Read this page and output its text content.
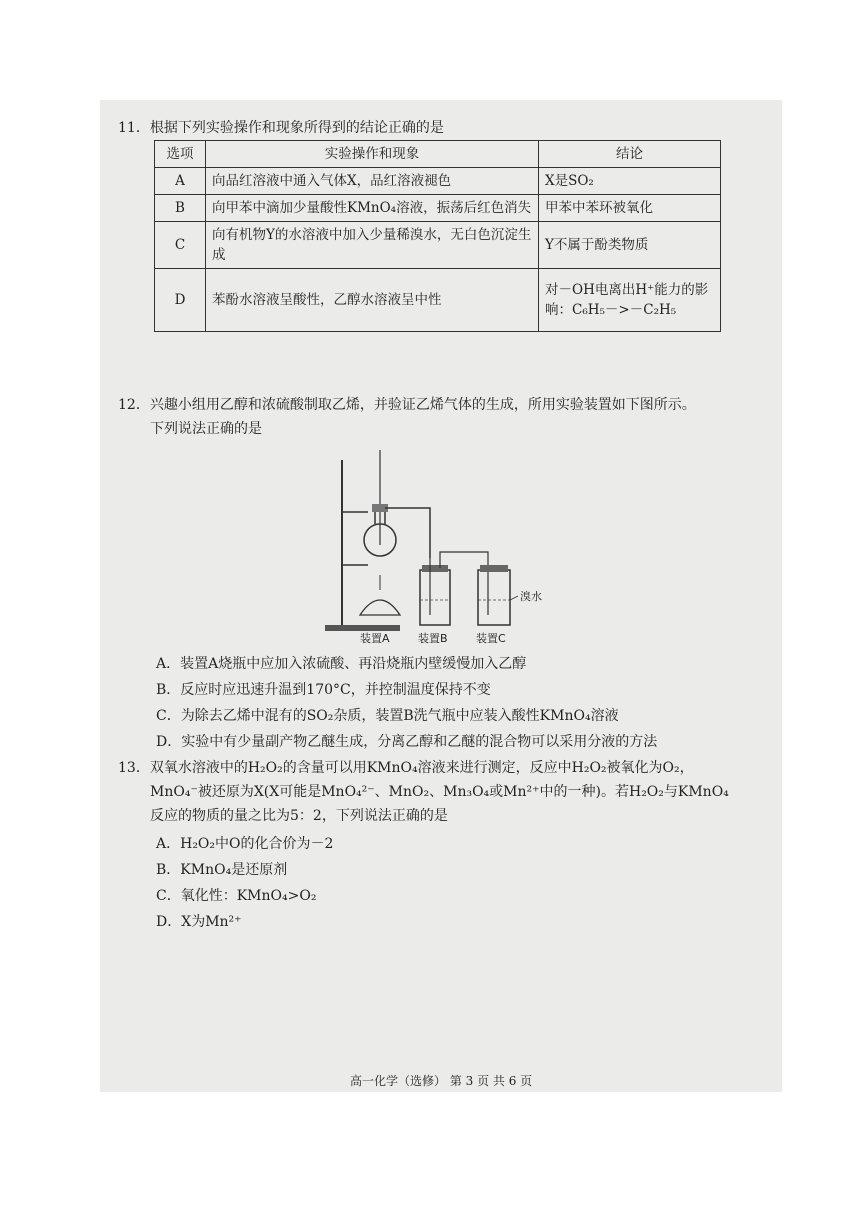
11．根据下列实验操作和现象所得到的结论正确的是
选项	实验操作和现象	结论
A	向品红溶液中通入气体X，品红溶液褪色	X是SO₂
B	向甲苯中滴加少量酸性KMnO₄溶液，振荡后红色消失	甲苯中苯环被氧化
C	向有机物Y的水溶液中加入少量稀溴水，无白色沉淀生成	Y不属于酚类物质
D	苯酚水溶液呈酸性，乙醇水溶液呈中性	对－OH电离出H⁺能力的影响：C₆H₅－>－C₂H₅
12．兴趣小组用乙醇和浓硫酸制取乙烯，并验证乙烯气体的生成，所用实验装置如下图所示。
下列说法正确的是
溴水
装置A	装置B	装置C
A．装置A烧瓶中应加入浓硫酸、再沿烧瓶内壁缓慢加入乙醇
B．反应时应迅速升温到170°C，并控制温度保持不变
C．为除去乙烯中混有的SO₂杂质，装置B洗气瓶中应装入酸性KMnO₄溶液
D．实验中有少量副产物乙醚生成，分离乙醇和乙醚的混合物可以采用分液的方法
13．双氧水溶液中的H₂O₂的含量可以用KMnO₄溶液来进行测定，反应中H₂O₂被氧化为O₂，
MnO₄⁻被还原为X(X可能是MnO₄²⁻、MnO₂、Mn₃O₄或Mn²⁺中的一种)。若H₂O₂与KMnO₄
反应的物质的量之比为5：2，下列说法正确的是
A．H₂O₂中O的化合价为－2
B．KMnO₄是还原剂
C．氧化性：KMnO₄>O₂
D．X为Mn²⁺
高一化学（选修） 第 3 页 共 6 页
